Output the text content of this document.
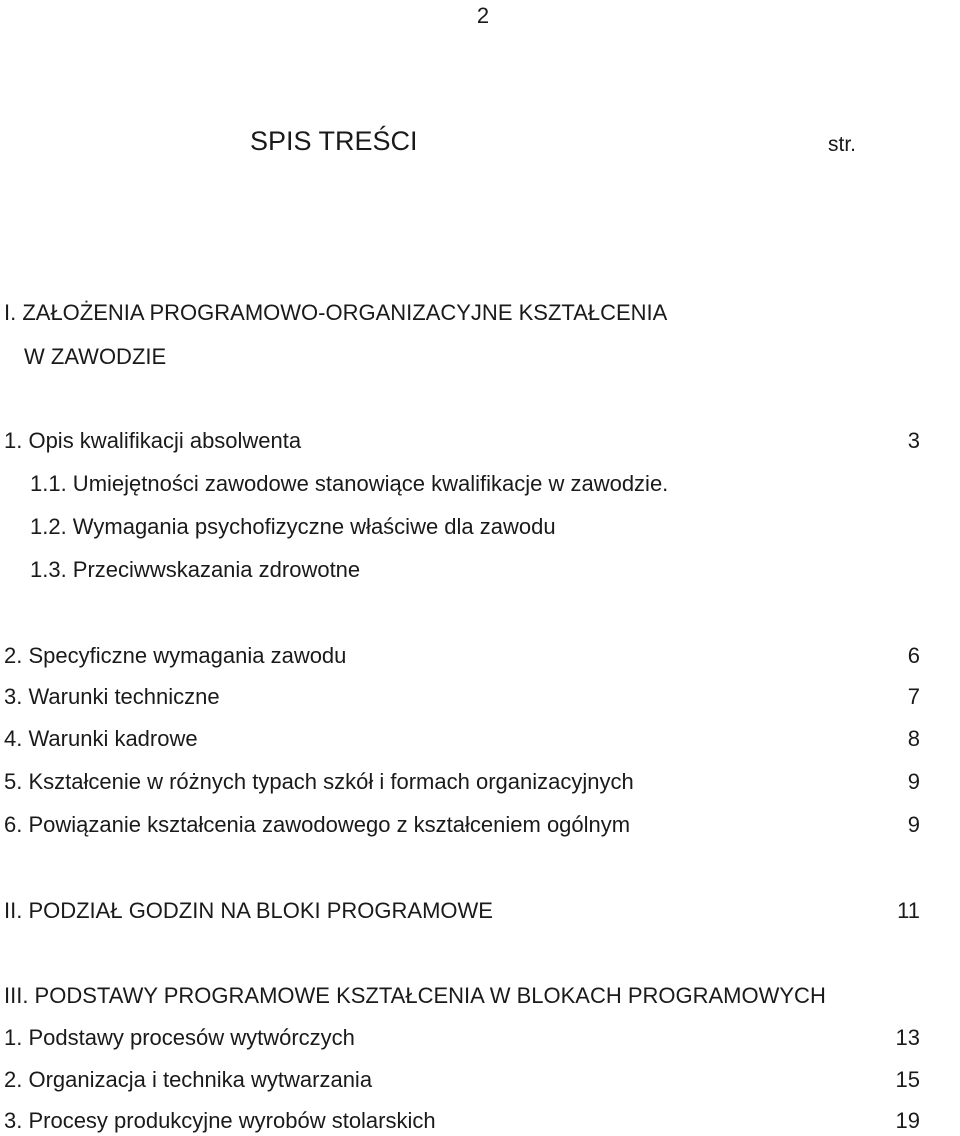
2
SPIS TREŚCI	str.
I. ZAŁOŻENIA PROGRAMOWO-ORGANIZACYJNE KSZTAŁCENIA
W ZAWODZIE
1. Opis kwalifikacji absolwenta	3
1.1. Umiejętności zawodowe stanowiące kwalifikacje w zawodzie.
1.2. Wymagania psychofizyczne właściwe dla zawodu
1.3. Przeciwwskazania zdrowotne
2. Specyficzne wymagania zawodu	6
3. Warunki techniczne	7
4. Warunki kadrowe	8
5. Kształcenie w różnych typach szkół i formach organizacyjnych	9
6. Powiązanie kształcenia zawodowego z kształceniem ogólnym	9
II. PODZIAŁ GODZIN NA BLOKI PROGRAMOWE	11
III. PODSTAWY PROGRAMOWE KSZTAŁCENIA W BLOKACH PROGRAMOWYCH
1. Podstawy procesów wytwórczych	13
2. Organizacja i technika wytwarzania	15
3. Procesy produkcyjne wyrobów stolarskich	19
